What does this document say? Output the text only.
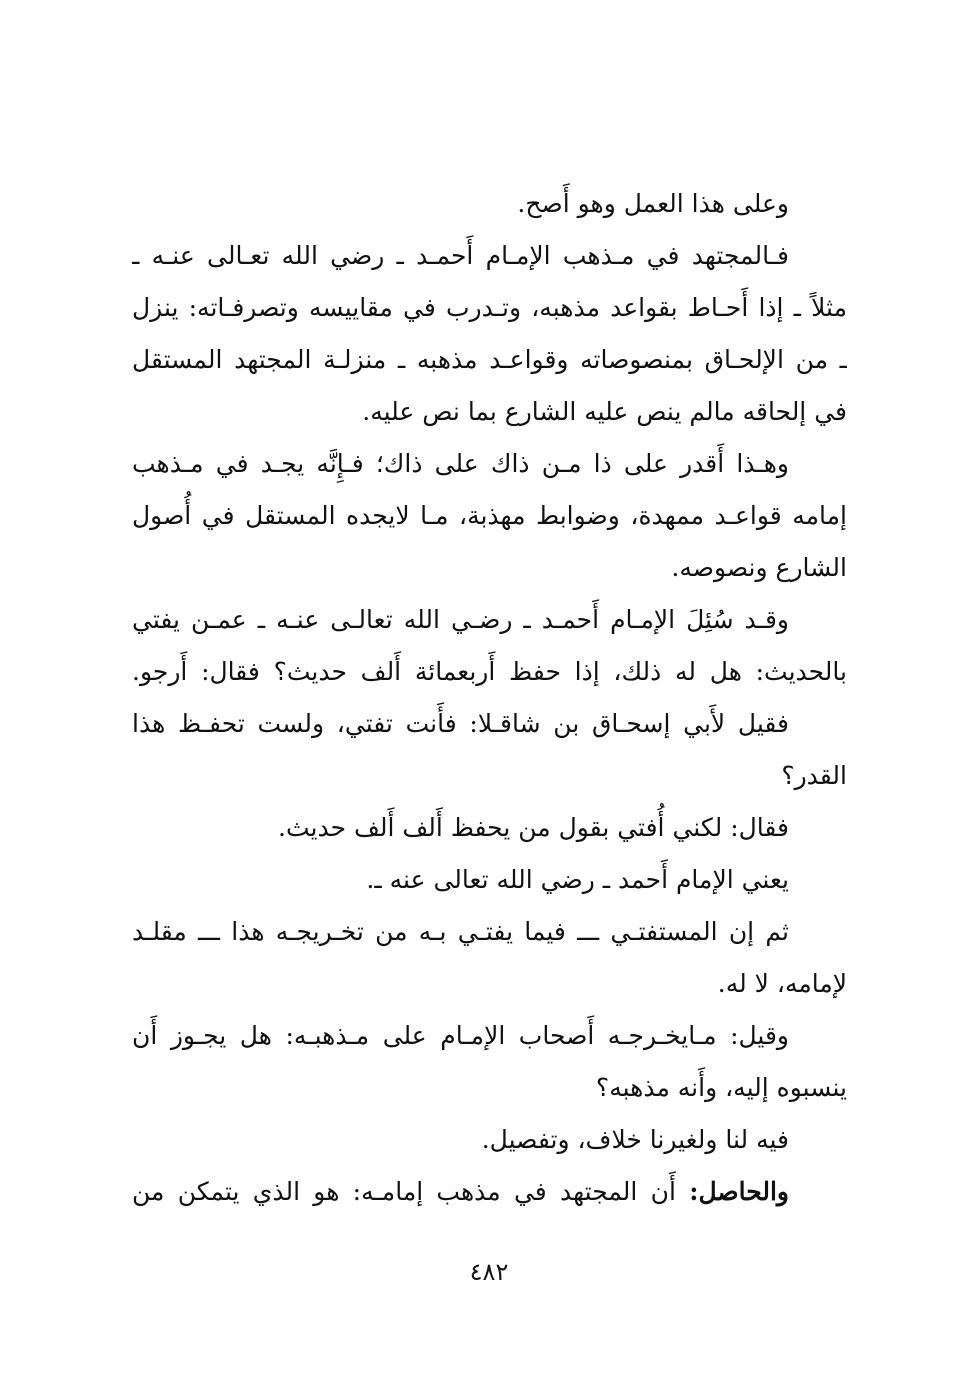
وعلى هذا العمل وهو أَصح.
فـالمجتهد في مـذهب الإمـام أَحمـد ـ رضي الله تعـالى عنـه ـ
مثلاً ـ إذا أَحـاط بقواعد مذهبه، وتـدرب في مقاييسه وتصرفـاته: ينزل
ـ من الإلحـاق بمنصوصاته وقواعـد مذهبه ـ منزلـة المجتهد المستقل
في إلحاقه مالم ينص عليه الشارع بما نص عليه.
وهـذا أَقدر على ذا مـن ذاك على ذاك؛ فـإِنَّه يجـد في مـذهب
إمامه قواعـد ممهدة، وضوابط مهذبة، مـا لايجده المستقل في أُصول
الشارع ونصوصه.
وقـد سُئِلَ الإمـام أَحمـد ـ رضـي الله تعالـى عنـه ـ عمـن يفتي
بالحديث: هل له ذلك، إذا حفظ أَربعمائة أَلف حديث؟ فقال: أَرجو.
فقيل لأَبي إسحـاق بن شاقـلا: فأَنت تفتي، ولست تحفـظ هذا
القدر؟
فقال: لكني أُفتي بقول من يحفظ أَلف أَلف حديث.
يعني الإمام أَحمد ـ رضي الله تعالى عنه ـ.
ثم إن المستفتـي ـــ فيما يفتـي بـه من تخـريجـه هذا ـــ مقلـد
لإمامه، لا له.
وقيل: مـايخـرجـه أَصحاب الإمـام على مـذهبـه: هل يجـوز أَن
ينسبوه إليه، وأَنه مذهبه؟
فيه لنا ولغيرنا خلاف، وتفصيل.
والحاصل: أَن المجتهد في مذهب إمامـه: هو الذي يتمكن من
٤٨٢
